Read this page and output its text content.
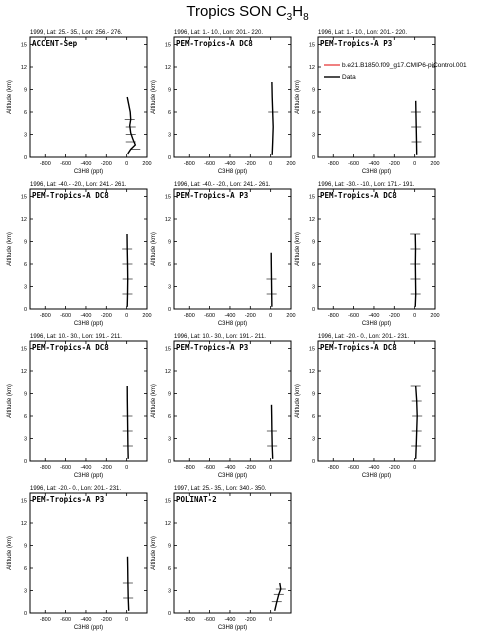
Tropics SON $C_3H_8$
1999, Lat: 25.- 35., Lon: 256.- 276.
ACCENT-Sep
0
3
6
9
12
15
-800 -600 -400 -200 0	200
C3H8 (ppt)
Altitude (km)
1996, Lat: 1.- 10., Lon: 201.- 220.
PEM-Tropics-A DC8
0
3
6
9
12
15
-800 -600 -400 -200 0	200
C3H8 (ppt)
Altitude (km)
1996, Lat: 1.- 10., Lon: 201.- 220.
PEM-Tropics-A P3
0
3
6
9
12
15
-800 -600 -400 -200 0	200
C3H8 (ppt)
Altitude (km)
b.e21.B1850.f09_g17.CMIP6-piControl.001
Data
1996, Lat: -40.- -20., Lon: 241.- 261.
PEM-Tropics-A DC8
0
3
6
9
12
15
-800 -600 -400 -200 0	200
C3H8 (ppt)
Altitude (km)
1996, Lat: -40.- -20., Lon: 241.- 261.
PEM-Tropics-A P3
0
3
6
9
12
15
-800 -600 -400 -200 0	200
C3H8 (ppt)
Altitude (km)
1996, Lat: -30.- -10., Lon: 171.- 191.
PEM-Tropics-A DC8
0
3
6
9
12
15
-800 -600 -400 -200 0	200
C3H8 (ppt)
Altitude (km)
1996, Lat: 10.- 30., Lon: 191.- 211.
PEM-Tropics-A DC8
0
3
6
9
12
15
-800 -600 -400 -200 0
C3H8 (ppt)
Altitude (km)
1996, Lat: 10.- 30., Lon: 191.- 211.
PEM-Tropics-A P3
0
3
6
9
12
15
-800 -600 -400 -200 0
C3H8 (ppt)
Altitude (km)
1996, Lat: -20.- 0., Lon: 201.- 231.
PEM-Tropics-A DC8
0
3
6
9
12
15
-800 -600 -400 -200 0
C3H8 (ppt)
Altitude (km)
1996, Lat: -20.- 0., Lon: 201.- 231.
PEM-Tropics-A P3
0
3
6
9
12
15
-800 -600 -400 -200 0
C3H8 (ppt)
Altitude (km)
1997, Lat: 25.- 35., Lon: 340.- 350.
POLINAT-2
0
3
6
9
12
15
-800 -600 -400 -200 0
C3H8 (ppt)
Altitude (km)
